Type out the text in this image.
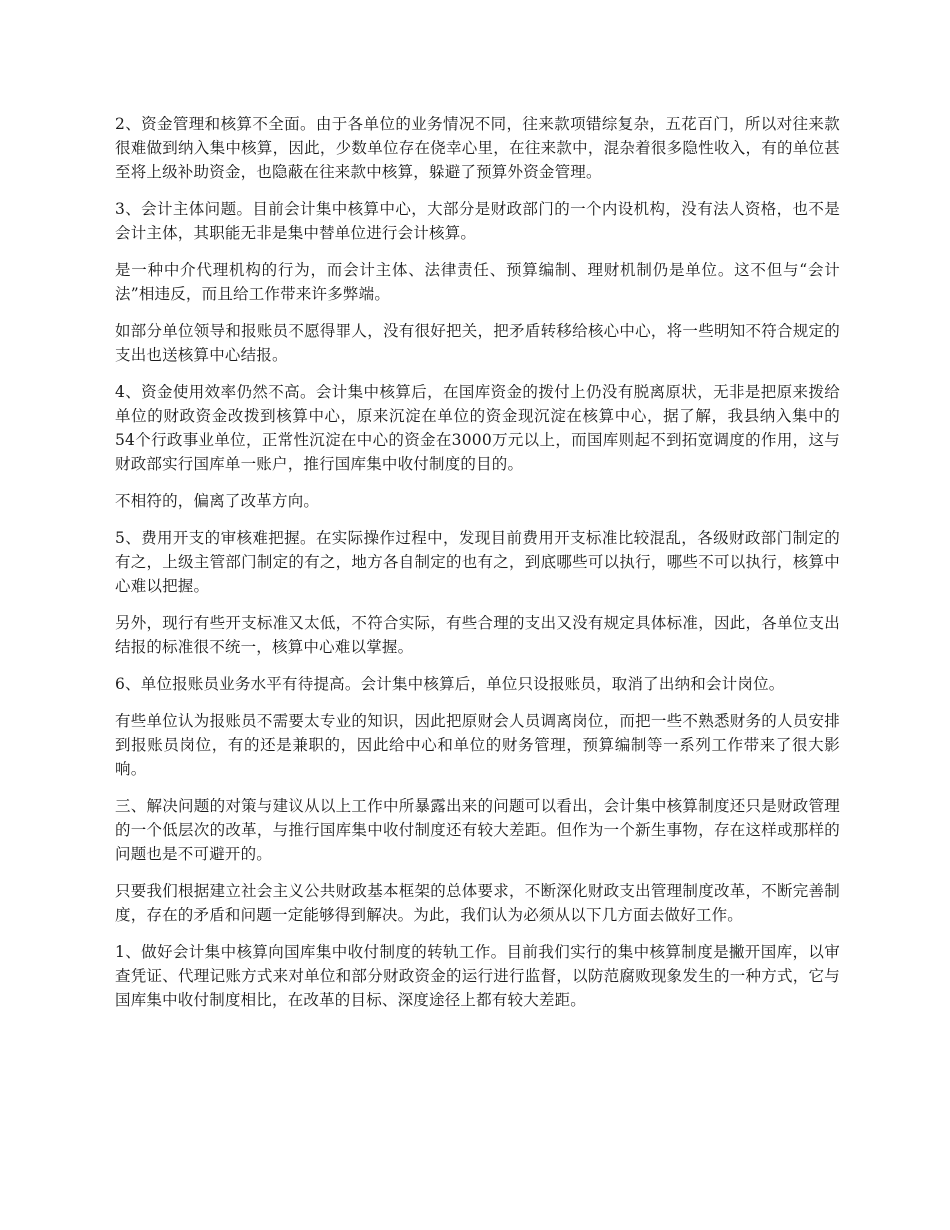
2、资金管理和核算不全面。由于各单位的业务情况不同，往来款项错综复杂，五花百门，所以对往来款很难做到纳入集中核算，因此，少数单位存在侥幸心里，在往来款中，混杂着很多隐性收入，有的单位甚至将上级补助资金，也隐蔽在往来款中核算，躲避了预算外资金管理。

3、会计主体问题。目前会计集中核算中心，大部分是财政部门的一个内设机构，没有法人资格，也不是会计主体，其职能无非是集中替单位进行会计核算。

是一种中介代理机构的行为，而会计主体、法律责任、预算编制、理财机制仍是单位。这不但与“会计法”相违反，而且给工作带来许多弊端。

如部分单位领导和报账员不愿得罪人，没有很好把关，把矛盾转移给核心中心，将一些明知不符合规定的支出也送核算中心结报。

4、资金使用效率仍然不高。会计集中核算后，在国库资金的拨付上仍没有脱离原状，无非是把原来拨给单位的财政资金改拨到核算中心，原来沉淀在单位的资金现沉淀在核算中心，据了解，我县纳入集中的54个行政事业单位，正常性沉淀在中心的资金在3000万元以上，而国库则起不到拓宽调度的作用，这与财政部实行国库单一账户，推行国库集中收付制度的目的。

不相符的，偏离了改革方向。

5、费用开支的审核难把握。在实际操作过程中，发现目前费用开支标准比较混乱，各级财政部门制定的有之，上级主管部门制定的有之，地方各自制定的也有之，到底哪些可以执行，哪些不可以执行，核算中心难以把握。

另外，现行有些开支标准又太低，不符合实际，有些合理的支出又没有规定具体标准，因此，各单位支出结报的标准很不统一，核算中心难以掌握。

6、单位报账员业务水平有待提高。会计集中核算后，单位只设报账员，取消了出纳和会计岗位。

有些单位认为报账员不需要太专业的知识，因此把原财会人员调离岗位，而把一些不熟悉财务的人员安排到报账员岗位，有的还是兼职的，因此给中心和单位的财务管理，预算编制等一系列工作带来了很大影响。

三、解决问题的对策与建议从以上工作中所暴露出来的问题可以看出，会计集中核算制度还只是财政管理的一个低层次的改革，与推行国库集中收付制度还有较大差距。但作为一个新生事物，存在这样或那样的问题也是不可避开的。

只要我们根据建立社会主义公共财政基本框架的总体要求，不断深化财政支出管理制度改革，不断完善制度，存在的矛盾和问题一定能够得到解决。为此，我们认为必须从以下几方面去做好工作。

1、做好会计集中核算向国库集中收付制度的转轨工作。目前我们实行的集中核算制度是撇开国库，以审查凭证、代理记账方式来对单位和部分财政资金的运行进行监督，以防范腐败现象发生的一种方式，它与国库集中收付制度相比，在改革的目标、深度途径上都有较大差距。
